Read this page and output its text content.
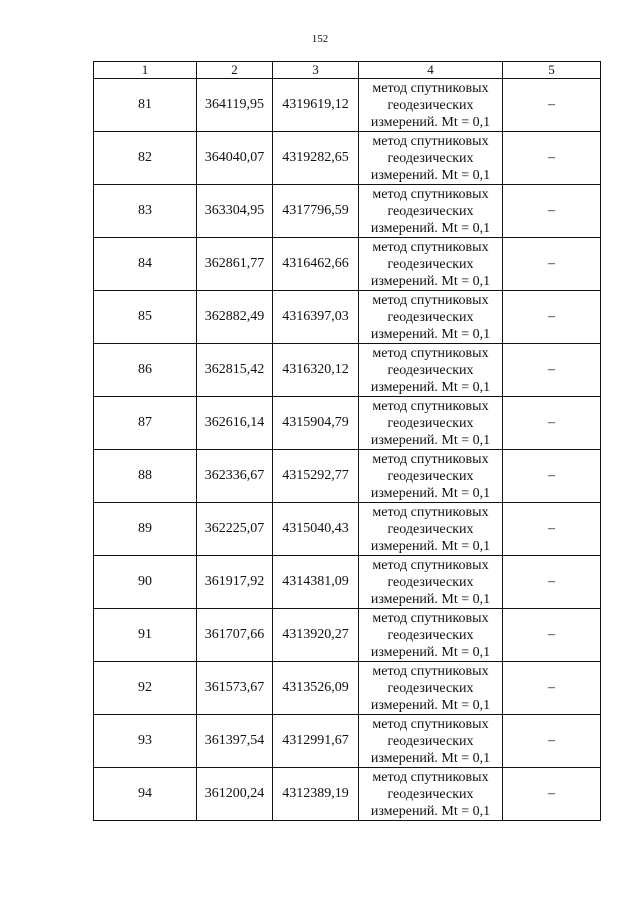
152
1	2	3	4	5
81	364119,95	4319619,12	метод спутниковых
геодезических
измерений. Mt = 0,1	–
82	364040,07	4319282,65	метод спутниковых
геодезических
измерений. Mt = 0,1	–
83	363304,95	4317796,59	метод спутниковых
геодезических
измерений. Mt = 0,1	–
84	362861,77	4316462,66	метод спутниковых
геодезических
измерений. Mt = 0,1	–
85	362882,49	4316397,03	метод спутниковых
геодезических
измерений. Mt = 0,1	–
86	362815,42	4316320,12	метод спутниковых
геодезических
измерений. Mt = 0,1	–
87	362616,14	4315904,79	метод спутниковых
геодезических
измерений. Mt = 0,1	–
88	362336,67	4315292,77	метод спутниковых
геодезических
измерений. Mt = 0,1	–
89	362225,07	4315040,43	метод спутниковых
геодезических
измерений. Mt = 0,1	–
90	361917,92	4314381,09	метод спутниковых
геодезических
измерений. Mt = 0,1	–
91	361707,66	4313920,27	метод спутниковых
геодезических
измерений. Mt = 0,1	–
92	361573,67	4313526,09	метод спутниковых
геодезических
измерений. Mt = 0,1	–
93	361397,54	4312991,67	метод спутниковых
геодезических
измерений. Mt = 0,1	–
94	361200,24	4312389,19	метод спутниковых
геодезических
измерений. Mt = 0,1	–
